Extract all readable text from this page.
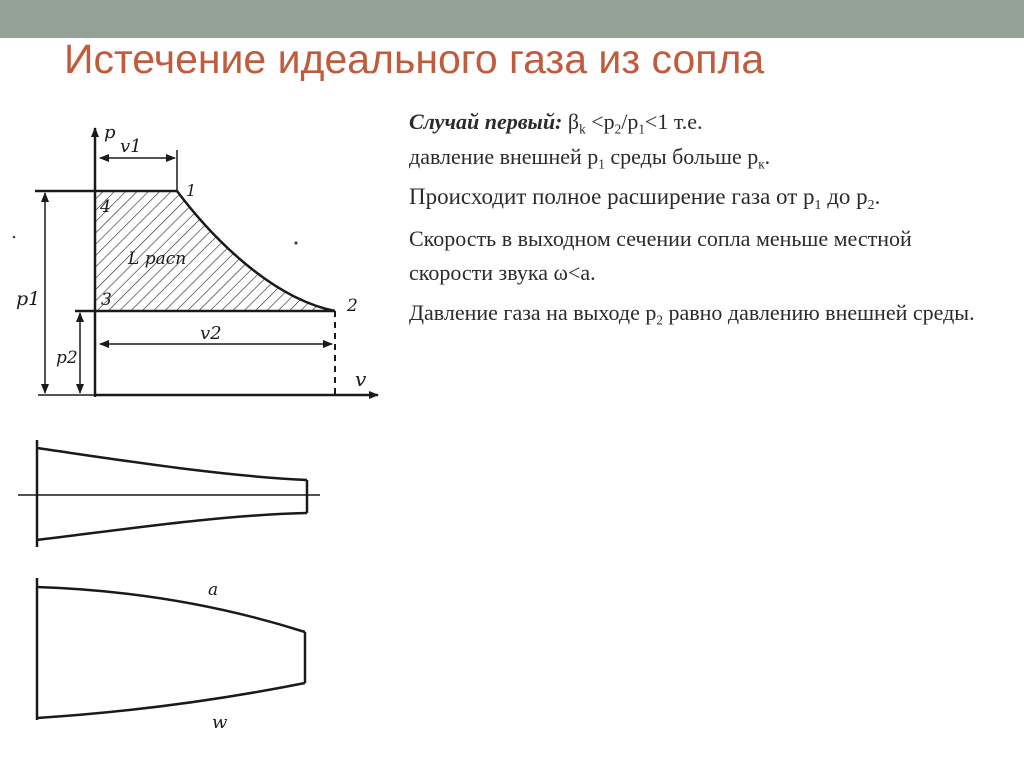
Истечение идеального газа из сопла

Случай первый: $\beta_k <p_2/p_1<1$ т.е.
давление внешней $p_1$ среды больше $p_к$.

Происходит полное расширение газа от $p_1$ до $p_2$.

Скорость в выходном сечении сопла меньше местной скорости звука ω<a.

Давление газа на выходе $p_2$ равно давлению внешней среды.

p
v
v1
v2
p1
p2
L расп
1
2
3
4
a
w
